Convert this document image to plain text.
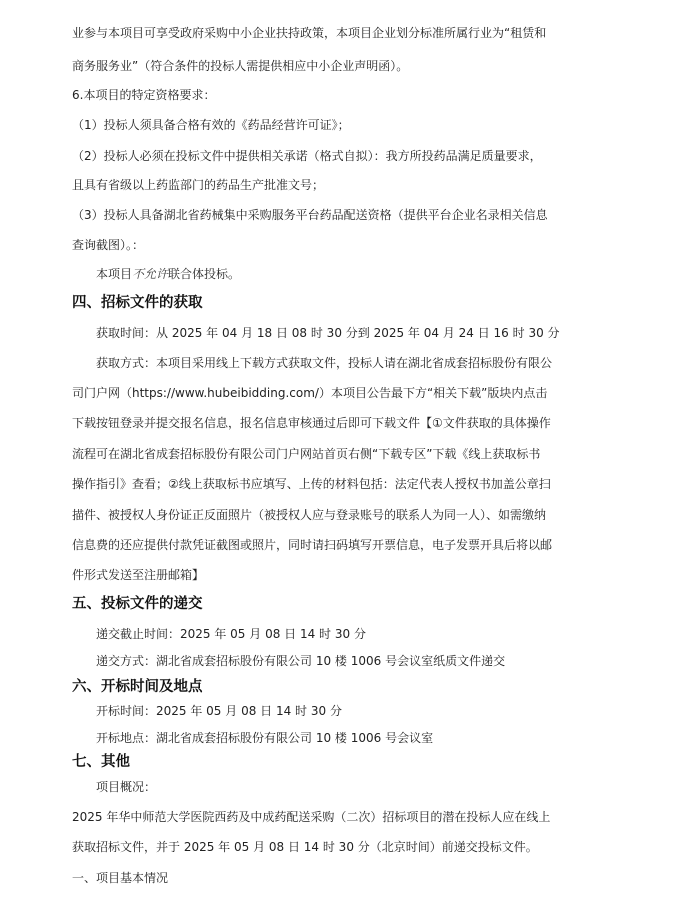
业参与本项目可享受政府采购中小企业扶持政策，本项目企业划分标准所属行业为“租赁和
商务服务业”（符合条件的投标人需提供相应中小企业声明函）。
6.本项目的特定资格要求：
（1）投标人须具备合格有效的《药品经营许可证》；
（2）投标人必须在投标文件中提供相关承诺（格式自拟）：我方所投药品满足质量要求，
且具有省级以上药监部门的药品生产批准文号；
（3）投标人具备湖北省药械集中采购服务平台药品配送资格（提供平台企业名录相关信息
查询截图）。：
本项目不允许联合体投标。
四、招标文件的获取
获取时间：从 2025 年 04 月 18 日 08 时 30 分到 2025 年 04 月 24 日 16 时 30 分
获取方式：本项目采用线上下载方式获取文件，投标人请在湖北省成套招标股份有限公
司门户网（https://www.hubeibidding.com/）本项目公告最下方“相关下载”版块内点击
下载按钮登录并提交报名信息，报名信息审核通过后即可下载文件【①文件获取的具体操作
流程可在湖北省成套招标股份有限公司门户网站首页右侧“下载专区”下载《线上获取标书
操作指引》查看；②线上获取标书应填写、上传的材料包括：法定代表人授权书加盖公章扫
描件、被授权人身份证正反面照片（被授权人应与登录账号的联系人为同一人）、如需缴纳
信息费的还应提供付款凭证截图或照片，同时请扫码填写开票信息，电子发票开具后将以邮
件形式发送至注册邮箱】
五、投标文件的递交
递交截止时间：2025 年 05 月 08 日 14 时 30 分
递交方式：湖北省成套招标股份有限公司 10 楼 1006 号会议室纸质文件递交
六、开标时间及地点
开标时间：2025 年 05 月 08 日 14 时 30 分
开标地点：湖北省成套招标股份有限公司 10 楼 1006 号会议室
七、其他
项目概况：
2025 年华中师范大学医院西药及中成药配送采购（二次）招标项目的潜在投标人应在线上
获取招标文件，并于 2025 年 05 月 08 日 14 时 30 分（北京时间）前递交投标文件。
一、项目基本情况
